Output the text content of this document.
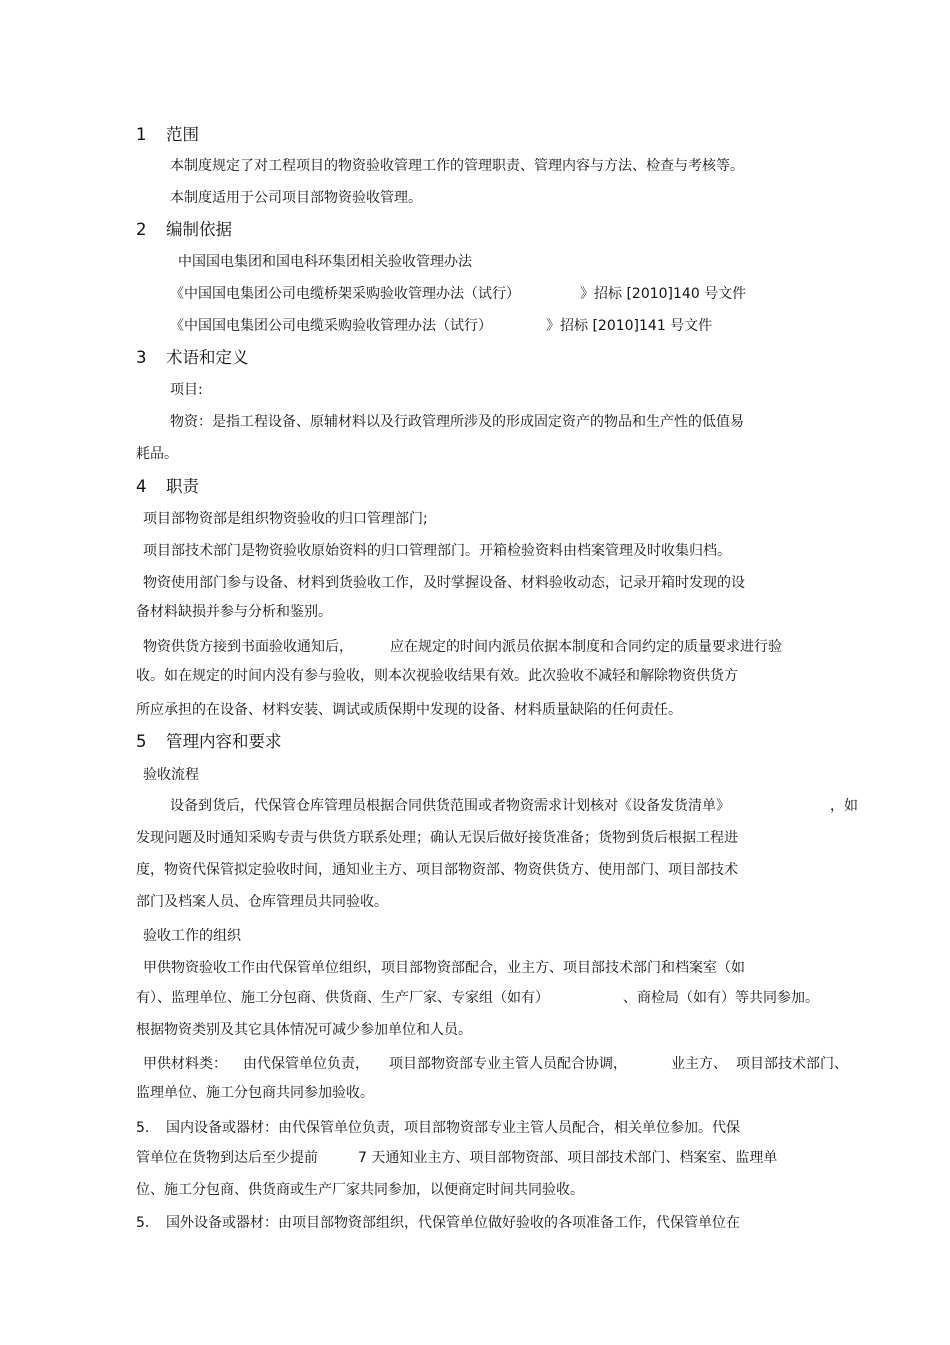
1 范围
本制度规定了对工程项目的物资验收管理工作的管理职责、管理内容与方法、检查与考核等。
本制度适用于公司项目部物资验收管理。
2 编制依据
中国国电集团和国电科环集团相关验收管理办法
《中国国电集团公司电缆桥架采购验收管理办法（试行）	》招标 [2010]140 号文件
《中国国电集团公司电缆采购验收管理办法（试行）	》招标 [2010]141 号文件
3 术语和定义
项目:
物资：是指工程设备、原辅材料以及行政管理所涉及的形成固定资产的物品和生产性的低值易
耗品。
4 职责
项目部物资部是组织物资验收的归口管理部门;
项目部技术部门是物资验收原始资料的归口管理部门。开箱检验资料由档案管理及时收集归档。
物资使用部门参与设备、材料到货验收工作，及时掌握设备、材料验收动态，记录开箱时发现的设
备材料缺损并参与分析和鉴别。
物资供货方接到书面验收通知后，	应在规定的时间内派员依据本制度和合同约定的质量要求进行验
收。如在规定的时间内没有参与验收，则本次视验收结果有效。此次验收不减轻和解除物资供货方
所应承担的在设备、材料安装、调试或质保期中发现的设备、材料质量缺陷的任何责任。
5 管理内容和要求
验收流程
设备到货后，代保管仓库管理员根据合同供货范围或者物资需求计划核对《设备发货清单》	，如
发现问题及时通知采购专责与供货方联系处理；确认无误后做好接货准备；货物到货后根据工程进
度，物资代保管拟定验收时间，通知业主方、项目部物资部、物资供货方、使用部门、项目部技术
部门及档案人员、仓库管理员共同验收。
验收工作的组织
甲供物资验收工作由代保管单位组织，项目部物资部配合，业主方、项目部技术部门和档案室（如
有）、监理单位、施工分包商、供货商、生产厂家、专家组（如有）	、商检局（如有）等共同参加。
根据物资类别及其它具体情况可减少参加单位和人员。
甲供材料类： 由代保管单位负责， 项目部物资部专业主管人员配合协调，	业主方、 项目部技术部门、
监理单位、施工分包商共同参加验收。
5. 国内设备或器材：由代保管单位负责，项目部物资部专业主管人员配合，相关单位参加。代保
管单位在货物到达后至少提前	7 天通知业主方、项目部物资部、项目部技术部门、档案室、监理单
位、施工分包商、供货商或生产厂家共同参加，以便商定时间共同验收。
5. 国外设备或器材：由项目部物资部组织，代保管单位做好验收的各项准备工作，代保管单位在
